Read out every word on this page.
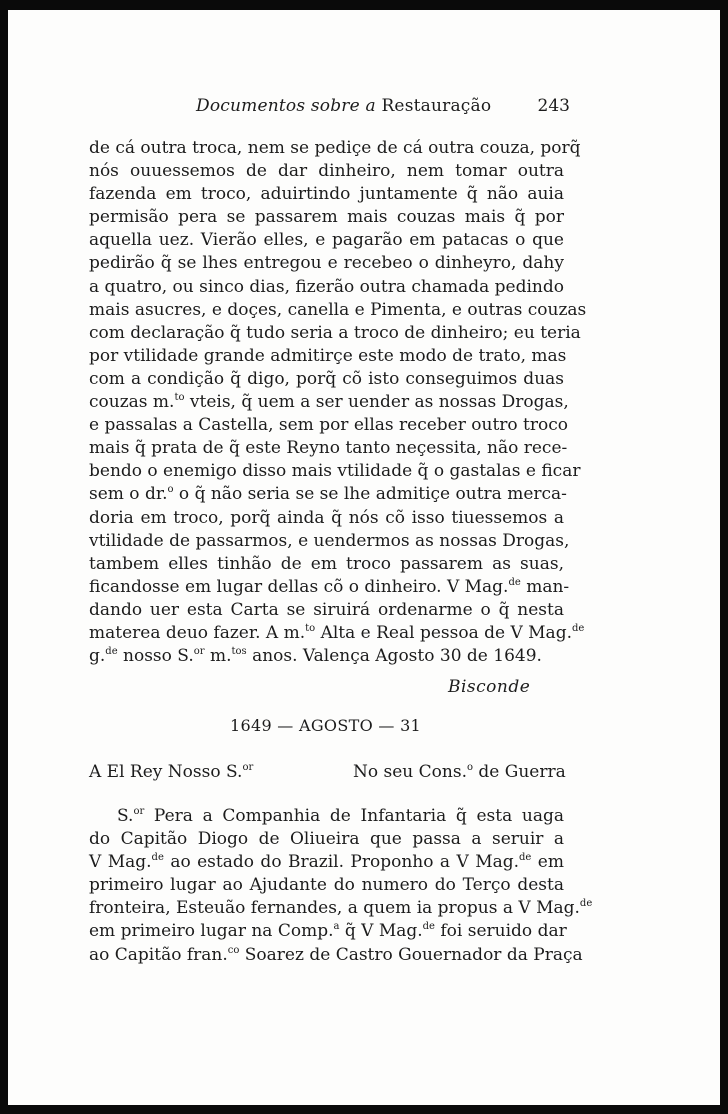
Documentos sobre a Restauração	243
de cá outra troca, nem se pediçe de cá outra couza, porq̃
nós ouuessemos de dar dinheiro, nem tomar outra
fazenda em troco, aduirtindo juntamente q̃ não auia
permisão pera se passarem mais couzas mais q̃ por
aquella uez. Vierão elles, e pagarão em patacas o que
pedirão q̃ se lhes entregou e recebeo o dinheyro, dahy
a quatro, ou sinco dias, fizerão outra chamada pedindo
mais asucres, e doçes, canella e Pimenta, e outras couzas
com declaração q̃ tudo seria a troco de dinheiro; eu teria
por vtilidade grande admitirçe este modo de trato, mas
com a condição q̃ digo, porq̃ cõ isto conseguimos duas
couzas m.$^{to}$ vteis, q̃ uem a ser uender as nossas Drogas,
e passalas a Castella, sem por ellas receber outro troco
mais q̃ prata de q̃ este Reyno tanto neçessita, não rece-
bendo o enemigo disso mais vtilidade q̃ o gastalas e ficar
sem o dr.$^o$ o q̃ não seria se se lhe admitiçe outra merca-
doria em troco, porq̃ ainda q̃ nós cõ isso tiuessemos a
vtilidade de passarmos, e uendermos as nossas Drogas,
tambem elles tinhão de em troco passarem as suas,
ficandosse em lugar dellas cõ o dinheiro. V Mag.$^{de}$ man-
dando uer esta Carta se siruirá ordenarme o q̃ nesta
materea deuo fazer. A m.$^{to}$ Alta e Real pessoa de V Mag.$^{de}$
g.$^{de}$ nosso S.$^{or}$ m.$^{tos}$ anos. Valença Agosto 30 de 1649.
Bisconde
1649 — AGOSTO — 31
A El Rey Nosso S.$^{or}$	No seu Cons.$^o$ de Guerra
S.$^{or}$ Pera a Companhia de Infantaria q̃ esta uaga
do Capitão Diogo de Oliueira que passa a seruir a
V Mag.$^{de}$ ao estado do Brazil. Proponho a V Mag.$^{de}$ em
primeiro lugar ao Ajudante do numero do Terço desta
fronteira, Esteuão fernandes, a quem ia propus a V Mag.$^{de}$
em primeiro lugar na Comp.$^a$ q̃ V Mag.$^{de}$ foi seruido dar
ao Capitão fran.$^{co}$ Soarez de Castro Gouernador da Praça
